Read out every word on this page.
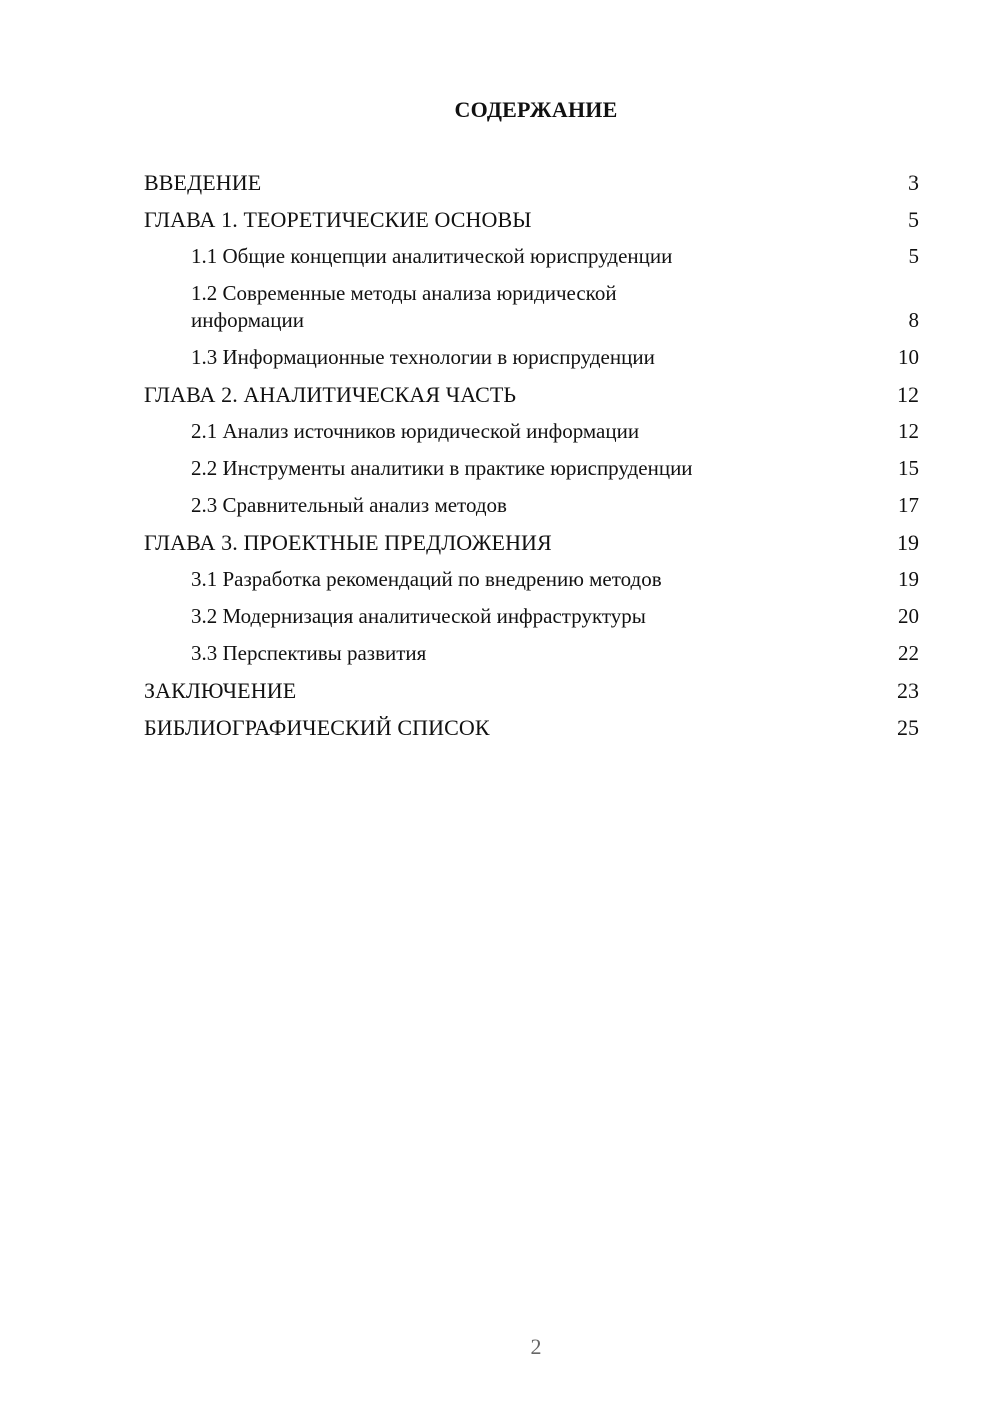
СОДЕРЖАНИЕ
ВВЕДЕНИЕ	3
ГЛАВА 1. ТЕОРЕТИЧЕСКИЕ ОСНОВЫ	5
1.1 Общие концепции аналитической юриспруденции	5
1.2 Современные методы анализа юридической информации	8
1.3 Информационные технологии в юриспруденции	10
ГЛАВА 2. АНАЛИТИЧЕСКАЯ ЧАСТЬ	12
2.1 Анализ источников юридической информации	12
2.2 Инструменты аналитики в практике юриспруденции	15
2.3 Сравнительный анализ методов	17
ГЛАВА 3. ПРОЕКТНЫЕ ПРЕДЛОЖЕНИЯ	19
3.1 Разработка рекомендаций по внедрению методов	19
3.2 Модернизация аналитической инфраструктуры	20
3.3 Перспективы развития	22
ЗАКЛЮЧЕНИЕ	23
БИБЛИОГРАФИЧЕСКИЙ СПИСОК	25
2
